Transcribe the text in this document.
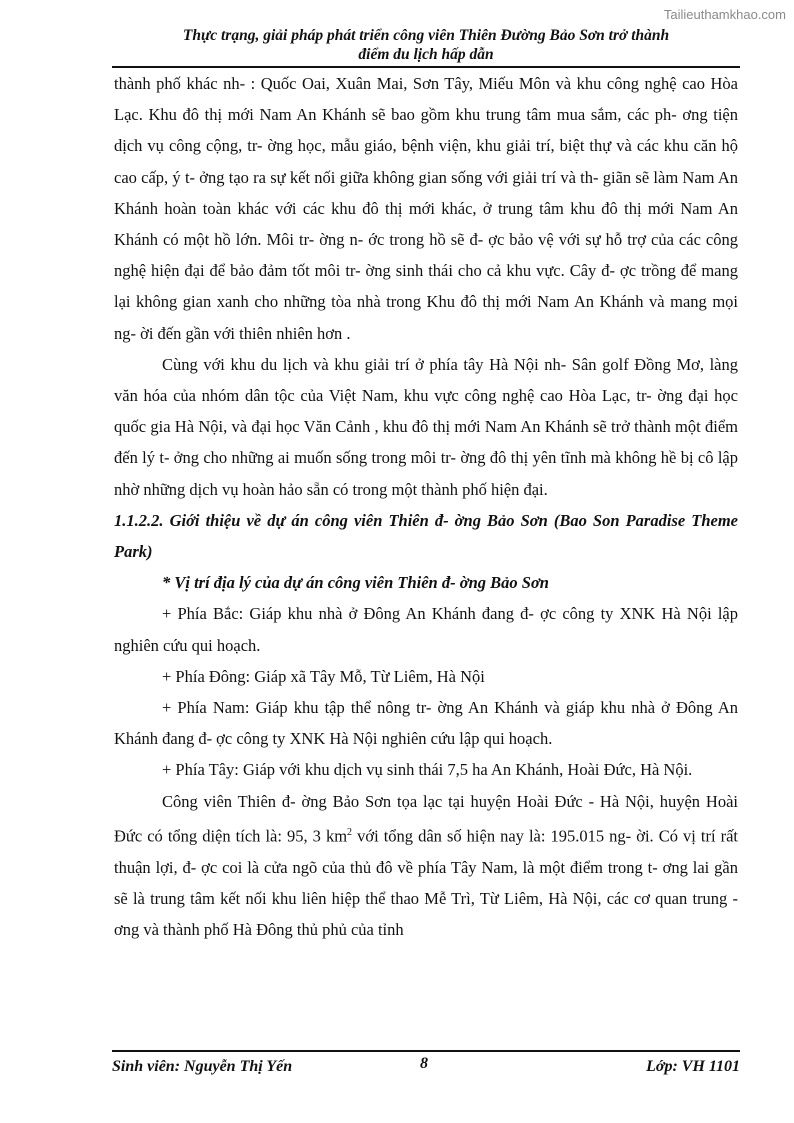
Tailieuthamkhao.com
Thực trạng, giải pháp phát triển công viên Thiên Đường Bảo Sơn trở thành
điểm du lịch hấp dẫn

thành phố khác nh- : Quốc Oai, Xuân Mai, Sơn Tây, Miếu Môn và khu công nghệ cao Hòa Lạc. Khu đô thị mới Nam An Khánh sẽ bao gồm khu trung tâm mua sắm, các ph- ơng tiện dịch vụ công cộng, tr- ờng học, mẫu giáo, bệnh viện, khu giải trí, biệt thự và các khu căn hộ cao cấp, ý t- ởng tạo ra sự kết nối giữa không gian sống với giải trí và th- giãn sẽ làm Nam An Khánh hoàn toàn khác với các khu đô thị mới khác, ở trung tâm khu đô thị mới Nam An Khánh có một hồ lớn. Môi tr- ờng n- ớc trong hồ sẽ đ- ợc bảo vệ với sự hỗ trợ của các công nghệ hiện đại để bảo đảm tốt môi tr- ờng sinh thái cho cả khu vực. Cây đ- ợc trồng để mang lại không gian xanh cho những tòa nhà trong Khu đô thị mới Nam An Khánh và mang mọi ng- ời đến gần với thiên nhiên hơn .

Cùng với khu du lịch và khu giải trí ở phía tây Hà Nội nh- Sân golf Đồng Mơ, làng văn hóa của nhóm dân tộc của Việt Nam, khu vực công nghệ cao Hòa Lạc, tr- ờng đại học quốc gia Hà Nội, và đại học Văn Cảnh , khu đô thị mới Nam An Khánh sẽ trở thành một điểm đến lý t- ởng cho những ai muốn sống trong môi tr- ờng đô thị yên tĩnh mà không hề bị cô lập nhờ những dịch vụ hoàn hảo sẵn có trong một thành phố hiện đại.

1.1.2.2. Giới thiệu về dự án công viên Thiên đ- ờng Bảo Sơn (Bao Son Paradise Theme Park)

* Vị trí địa lý của dự án công viên Thiên đ- ờng Bảo Sơn

+ Phía Bắc: Giáp khu nhà ở Đông An Khánh đang đ- ợc công ty XNK Hà Nội lập nghiên cứu qui hoạch.

+ Phía Đông: Giáp xã Tây Mỗ, Từ Liêm, Hà Nội

+ Phía Nam: Giáp khu tập thể nông tr- ờng An Khánh và giáp khu nhà ở Đông An Khánh đang đ- ợc công ty XNK Hà Nội nghiên cứu lập qui hoạch.

+ Phía Tây: Giáp với khu dịch vụ sinh thái 7,5 ha An Khánh, Hoài Đức, Hà Nội.

Công viên Thiên đ- ờng Bảo Sơn tọa lạc tại huyện Hoài Đức - Hà Nội, huyện Hoài Đức có tổng diện tích là: 95, 3 $km^2$ với tổng dân số hiện nay là: 195.015 ng- ời. Có vị trí rất thuận lợi, đ- ợc coi là cửa ngõ của thủ đô về phía Tây Nam, là một điểm trong t- ơng lai gần sẽ là trung tâm kết nối khu liên hiệp thể thao Mễ Trì, Từ Liêm, Hà Nội, các cơ quan trung - ơng và thành phố Hà Đông thủ phủ của tỉnh

Sinh viên: Nguyễn Thị Yến	8	Lớp: VH 1101
